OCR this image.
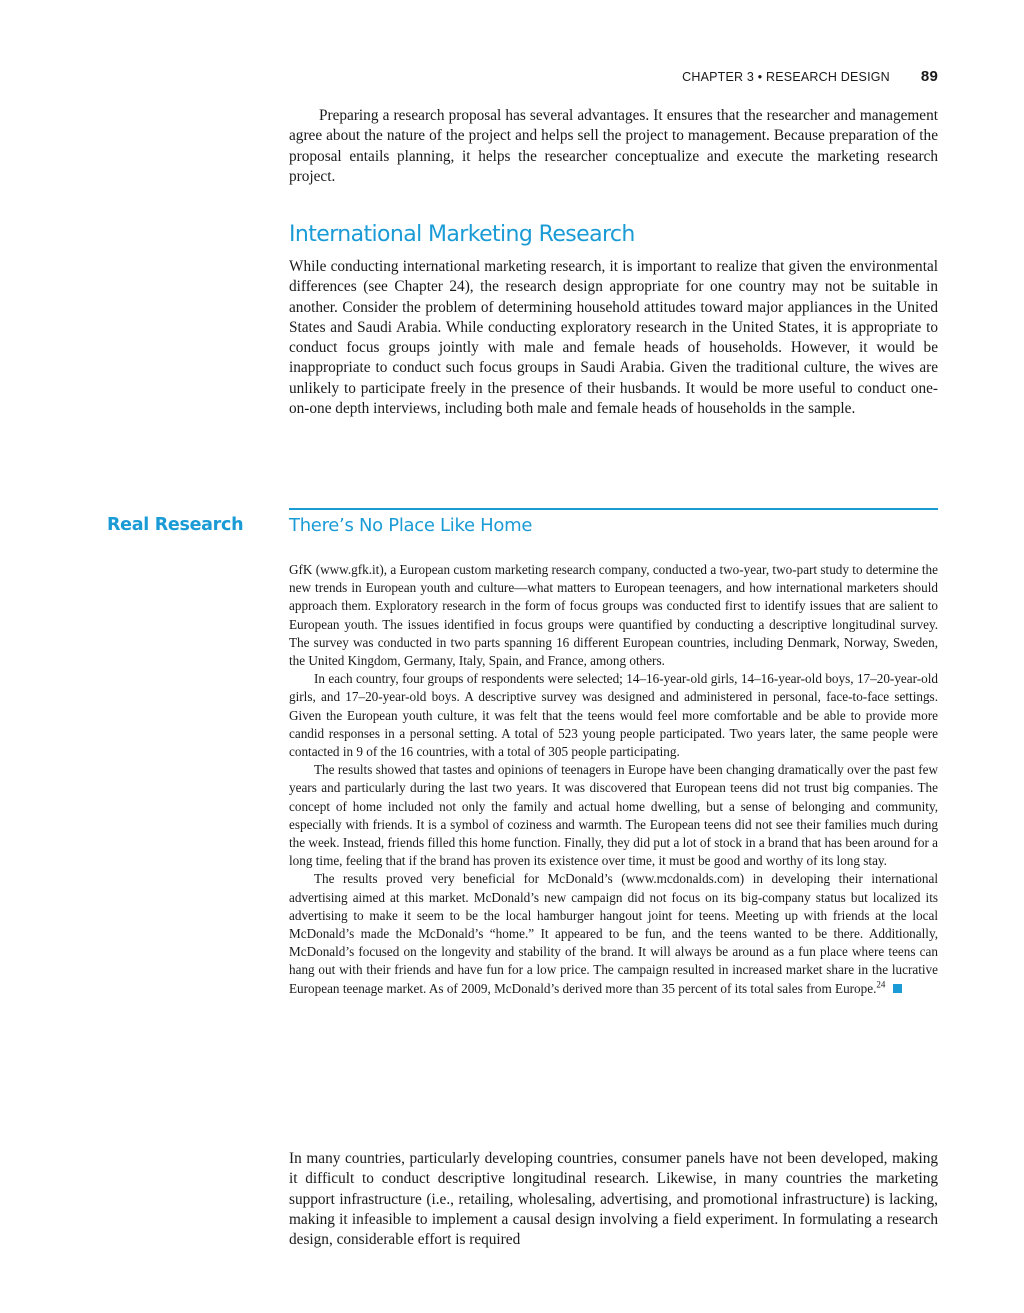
CHAPTER 3 • RESEARCH DESIGN 89

Preparing a research proposal has several advantages. It ensures that the researcher and management agree about the nature of the project and helps sell the project to management. Because preparation of the proposal entails planning, it helps the researcher conceptualize and execute the marketing research project.

International Marketing Research

While conducting international marketing research, it is important to realize that given the environmental differences (see Chapter 24), the research design appropriate for one country may not be suitable in another. Consider the problem of determining household attitudes toward major appliances in the United States and Saudi Arabia. While conducting exploratory research in the United States, it is appropriate to conduct focus groups jointly with male and female heads of households. However, it would be inappropriate to conduct such focus groups in Saudi Arabia. Given the traditional culture, the wives are unlikely to participate freely in the presence of their husbands. It would be more useful to conduct one-on-one depth interviews, including both male and female heads of households in the sample.

Real Research	There’s No Place Like Home

GfK (www.gfk.it), a European custom marketing research company, conducted a two-year, two-part study to determine the new trends in European youth and culture—what matters to European teenagers, and how international marketers should approach them. Exploratory research in the form of focus groups was conducted first to identify issues that are salient to European youth. The issues identified in focus groups were quantified by conducting a descriptive longitudinal survey. The survey was conducted in two parts spanning 16 different European countries, including Denmark, Norway, Sweden, the United Kingdom, Germany, Italy, Spain, and France, among others.

In each country, four groups of respondents were selected; 14–16-year-old girls, 14–16-year-old boys, 17–20-year-old girls, and 17–20-year-old boys. A descriptive survey was designed and administered in personal, face-to-face settings. Given the European youth culture, it was felt that the teens would feel more comfortable and be able to provide more candid responses in a personal setting. A total of 523 young people participated. Two years later, the same people were contacted in 9 of the 16 countries, with a total of 305 people participating.

The results showed that tastes and opinions of teenagers in Europe have been changing dramatically over the past few years and particularly during the last two years. It was discovered that European teens did not trust big companies. The concept of home included not only the family and actual home dwelling, but a sense of belonging and community, especially with friends. It is a symbol of coziness and warmth. The European teens did not see their families much during the week. Instead, friends filled this home function. Finally, they did put a lot of stock in a brand that has been around for a long time, feeling that if the brand has proven its existence over time, it must be good and worthy of its long stay.

The results proved very beneficial for McDonald’s (www.mcdonalds.com) in developing their international advertising aimed at this market. McDonald’s new campaign did not focus on its big-company status but localized its advertising to make it seem to be the local hamburger hangout joint for teens. Meeting up with friends at the local McDonald’s made the McDonald’s “home.” It appeared to be fun, and the teens wanted to be there. Additionally, McDonald’s focused on the longevity and stability of the brand. It will always be around as a fun place where teens can hang out with their friends and have fun for a low price. The campaign resulted in increased market share in the lucrative European teenage market. As of 2009, McDonald’s derived more than 35 percent of its total sales from Europe.$^{24}$

In many countries, particularly developing countries, consumer panels have not been developed, making it difficult to conduct descriptive longitudinal research. Likewise, in many countries the marketing support infrastructure (i.e., retailing, wholesaling, advertising, and promotional infrastructure) is lacking, making it infeasible to implement a causal design involving a field experiment. In formulating a research design, considerable effort is required
